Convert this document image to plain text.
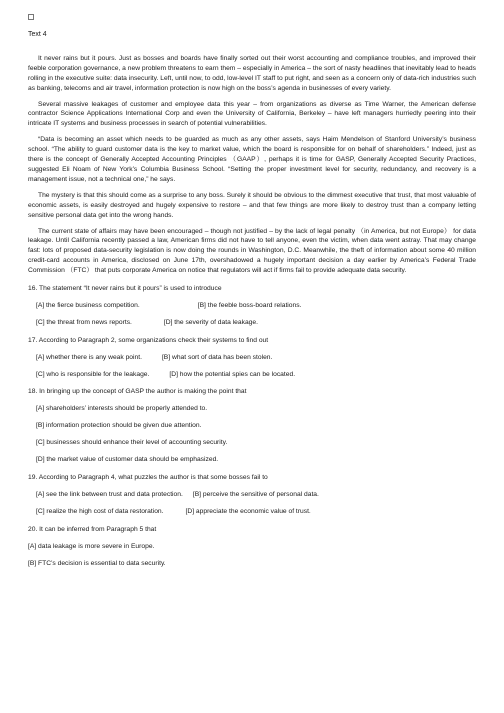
Text 4

It never rains but it pours. Just as bosses and boards have finally sorted out their worst accounting and compliance troubles, and improved their feeble corporation governance, a new problem threatens to earn them – especially in America – the sort of nasty headlines that inevitably lead to heads rolling in the executive suite: data insecurity. Left, until now, to odd, low-level IT staff to put right, and seen as a concern only of data-rich industries such as banking, telecoms and air travel, information protection is now high on the boss’s agenda in businesses of every variety.

Several massive leakages of customer and employee data this year – from organizations as diverse as Time Warner, the American defense contractor Science Applications International Corp and even the University of California, Berkeley – have left managers hurriedly peering into their intricate IT systems and business processes in search of potential vulnerabilities.

“Data is becoming an asset which needs to be guarded as much as any other assets, says Haim Mendelson of Stanford University’s business school. “The ability to guard customer data is the key to market value, which the board is responsible for on behalf of shareholders.” Indeed, just as there is the concept of Generally Accepted Accounting Principles （GAAP）, perhaps it is time for GASP, Generally Accepted Security Practices, suggested Eli Noam of New York’s Columbia Business School. “Setting the proper investment level for security, redundancy, and recovery is a management issue, not a technical one,” he says.

The mystery is that this should come as a surprise to any boss. Surely it should be obvious to the dimmest executive that trust, that most valuable of economic assets, is easily destroyed and hugely expensive to restore – and that few things are more likely to destroy trust than a company letting sensitive personal data get into the wrong hands.

The current state of affairs may have been encouraged – though not justified – by the lack of legal penalty （in America, but not Europe） for data leakage. Until California recently passed a law, American firms did not have to tell anyone, even the victim, when data went astray. That may change fast: lots of proposed data-security legislation is now doing the rounds in Washington, D.C. Meanwhile, the theft of information about some 40 million credit-card accounts in America, disclosed on June 17th, overshadowed a hugely important decision a day earlier by America’s Federal Trade Commission （FTC） that puts corporate America on notice that regulators will act if firms fail to provide adequate data security.

16. The statement “It never rains but it pours” is used to introduce
[A] the fierce business competition.	[B] the feeble boss-board relations.
[C] the threat from news reports.	[D] the severity of data leakage.
17. According to Paragraph 2, some organizations check their systems to find out
[A] whether there is any weak point.	[B] what sort of data has been stolen.
[C] who is responsible for the leakage.	[D] how the potential spies can be located.
18. In bringing up the concept of GASP the author is making the point that
[A] shareholders’ interests should be properly attended to.
[B] information protection should be given due attention.
[C] businesses should enhance their level of accounting security.
[D] the market value of customer data should be emphasized.
19. According to Paragraph 4, what puzzles the author is that some bosses fail to
[A] see the link between trust and data protection. [B] perceive the sensitive of personal data.
[C] realize the high cost of data restoration.	[D] appreciate the economic value of trust.
20. It can be inferred from Paragraph 5 that
[A] data leakage is more severe in Europe.
[B] FTC’s decision is essential to data security.
